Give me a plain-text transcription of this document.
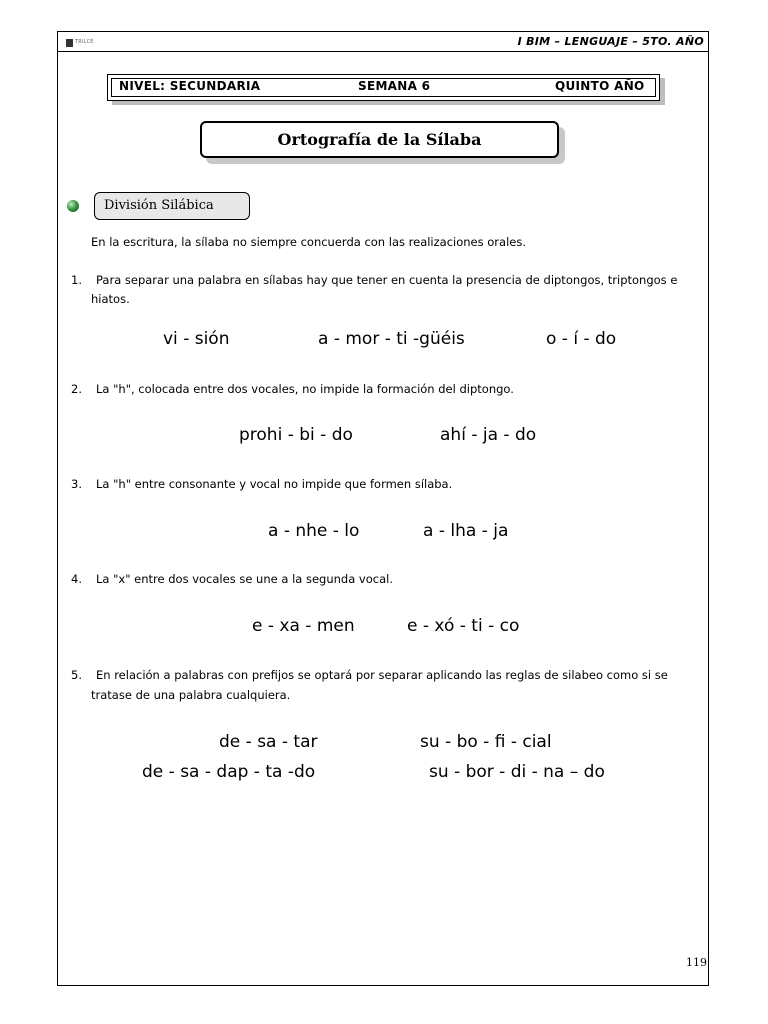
TRILCE	I BIM – LENGUAJE – 5TO. AÑO
NIVEL: SECUNDARIA	SEMANA 6	QUINTO AÑO
Ortografía de la Sílaba
División Silábica
En la escritura, la sílaba no siempre concuerda con las realizaciones orales.
1. Para separar una palabra en sílabas hay que tener en cuenta la presencia de diptongos, triptongos e
hiatos.
vi - sión	a - mor - ti -güéis	o - í - do
2. La "h", colocada entre dos vocales, no impide la formación del diptongo.
prohi - bi - do	ahí - ja - do
3. La "h" entre consonante y vocal no impide que formen sílaba.
a - nhe - lo	a - lha - ja
4. La "x" entre dos vocales se une a la segunda vocal.
e - xa - men	e - xó - ti - co
5. En relación a palabras con prefijos se optará por separar aplicando las reglas de silabeo como si se
tratase de una palabra cualquiera.
de - sa - tar	su - bo - fi - cial
de - sa - dap - ta -do	su - bor - di - na – do
119
